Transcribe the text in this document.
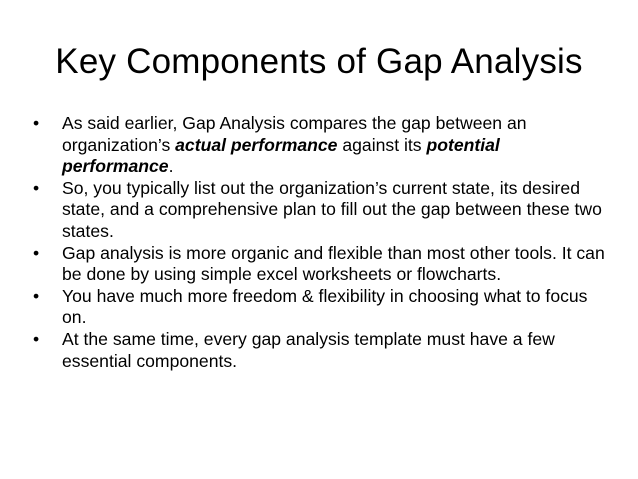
Key Components of Gap Analysis
•	As said earlier, Gap Analysis compares the gap between an organization’s actual performance against its potential performance.
•	So, you typically list out the organization’s current state, its desired state, and a comprehensive plan to fill out the gap between these two states.
•	Gap analysis is more organic and flexible than most other tools. It can be done by using simple excel worksheets or flowcharts.
•	You have much more freedom & flexibility in choosing what to focus on.
•	At the same time, every gap analysis template must have a few essential components.
